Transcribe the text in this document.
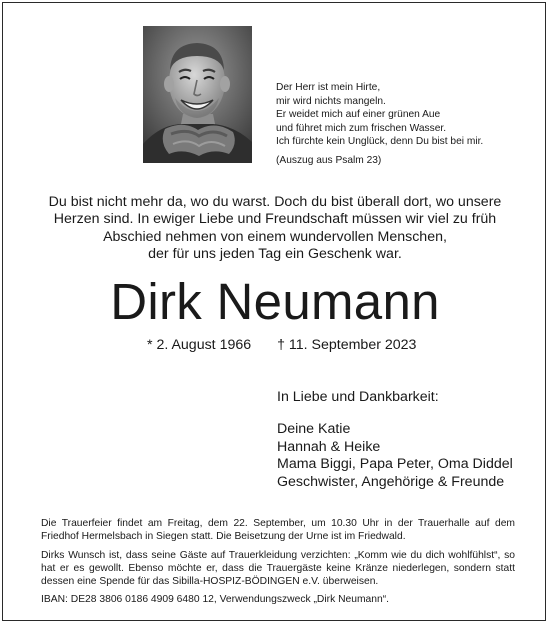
Der Herr ist mein Hirte,
mir wird nichts mangeln.
Er weidet mich auf einer grünen Aue
und führet mich zum frischen Wasser.
Ich fürchte kein Unglück, denn Du bist bei mir.
(Auszug aus Psalm 23)
Du bist nicht mehr da, wo du warst. Doch du bist überall dort, wo unsere
Herzen sind. In ewiger Liebe und Freundschaft müssen wir viel zu früh
Abschied nehmen von einem wundervollen Menschen,
der für uns jeden Tag ein Geschenk war.
Dirk Neumann
* 2. August 1966 † 11. September 2023
In Liebe und Dankbarkeit:
Deine Katie
Hannah & Heike
Mama Biggi, Papa Peter, Oma Diddel
Geschwister, Angehörige & Freunde

Die Trauerfeier findet am Freitag, dem 22. September, um 10.30 Uhr in der Trauerhalle auf dem Friedhof Hermelsbach in Siegen statt. Die Beisetzung der Urne ist im Friedwald.

Dirks Wunsch ist, dass seine Gäste auf Trauerkleidung verzichten: „Komm wie du dich wohlfühlst“, so hat er es gewollt. Ebenso möchte er, dass die Trauergäste keine Kränze niederlegen, sondern statt dessen eine Spende für das Sibilla-HOSPIZ-BÖDINGEN e.V. überweisen.

IBAN: DE28 3806 0186 4909 6480 12, Verwendungszweck „Dirk Neumann“.
